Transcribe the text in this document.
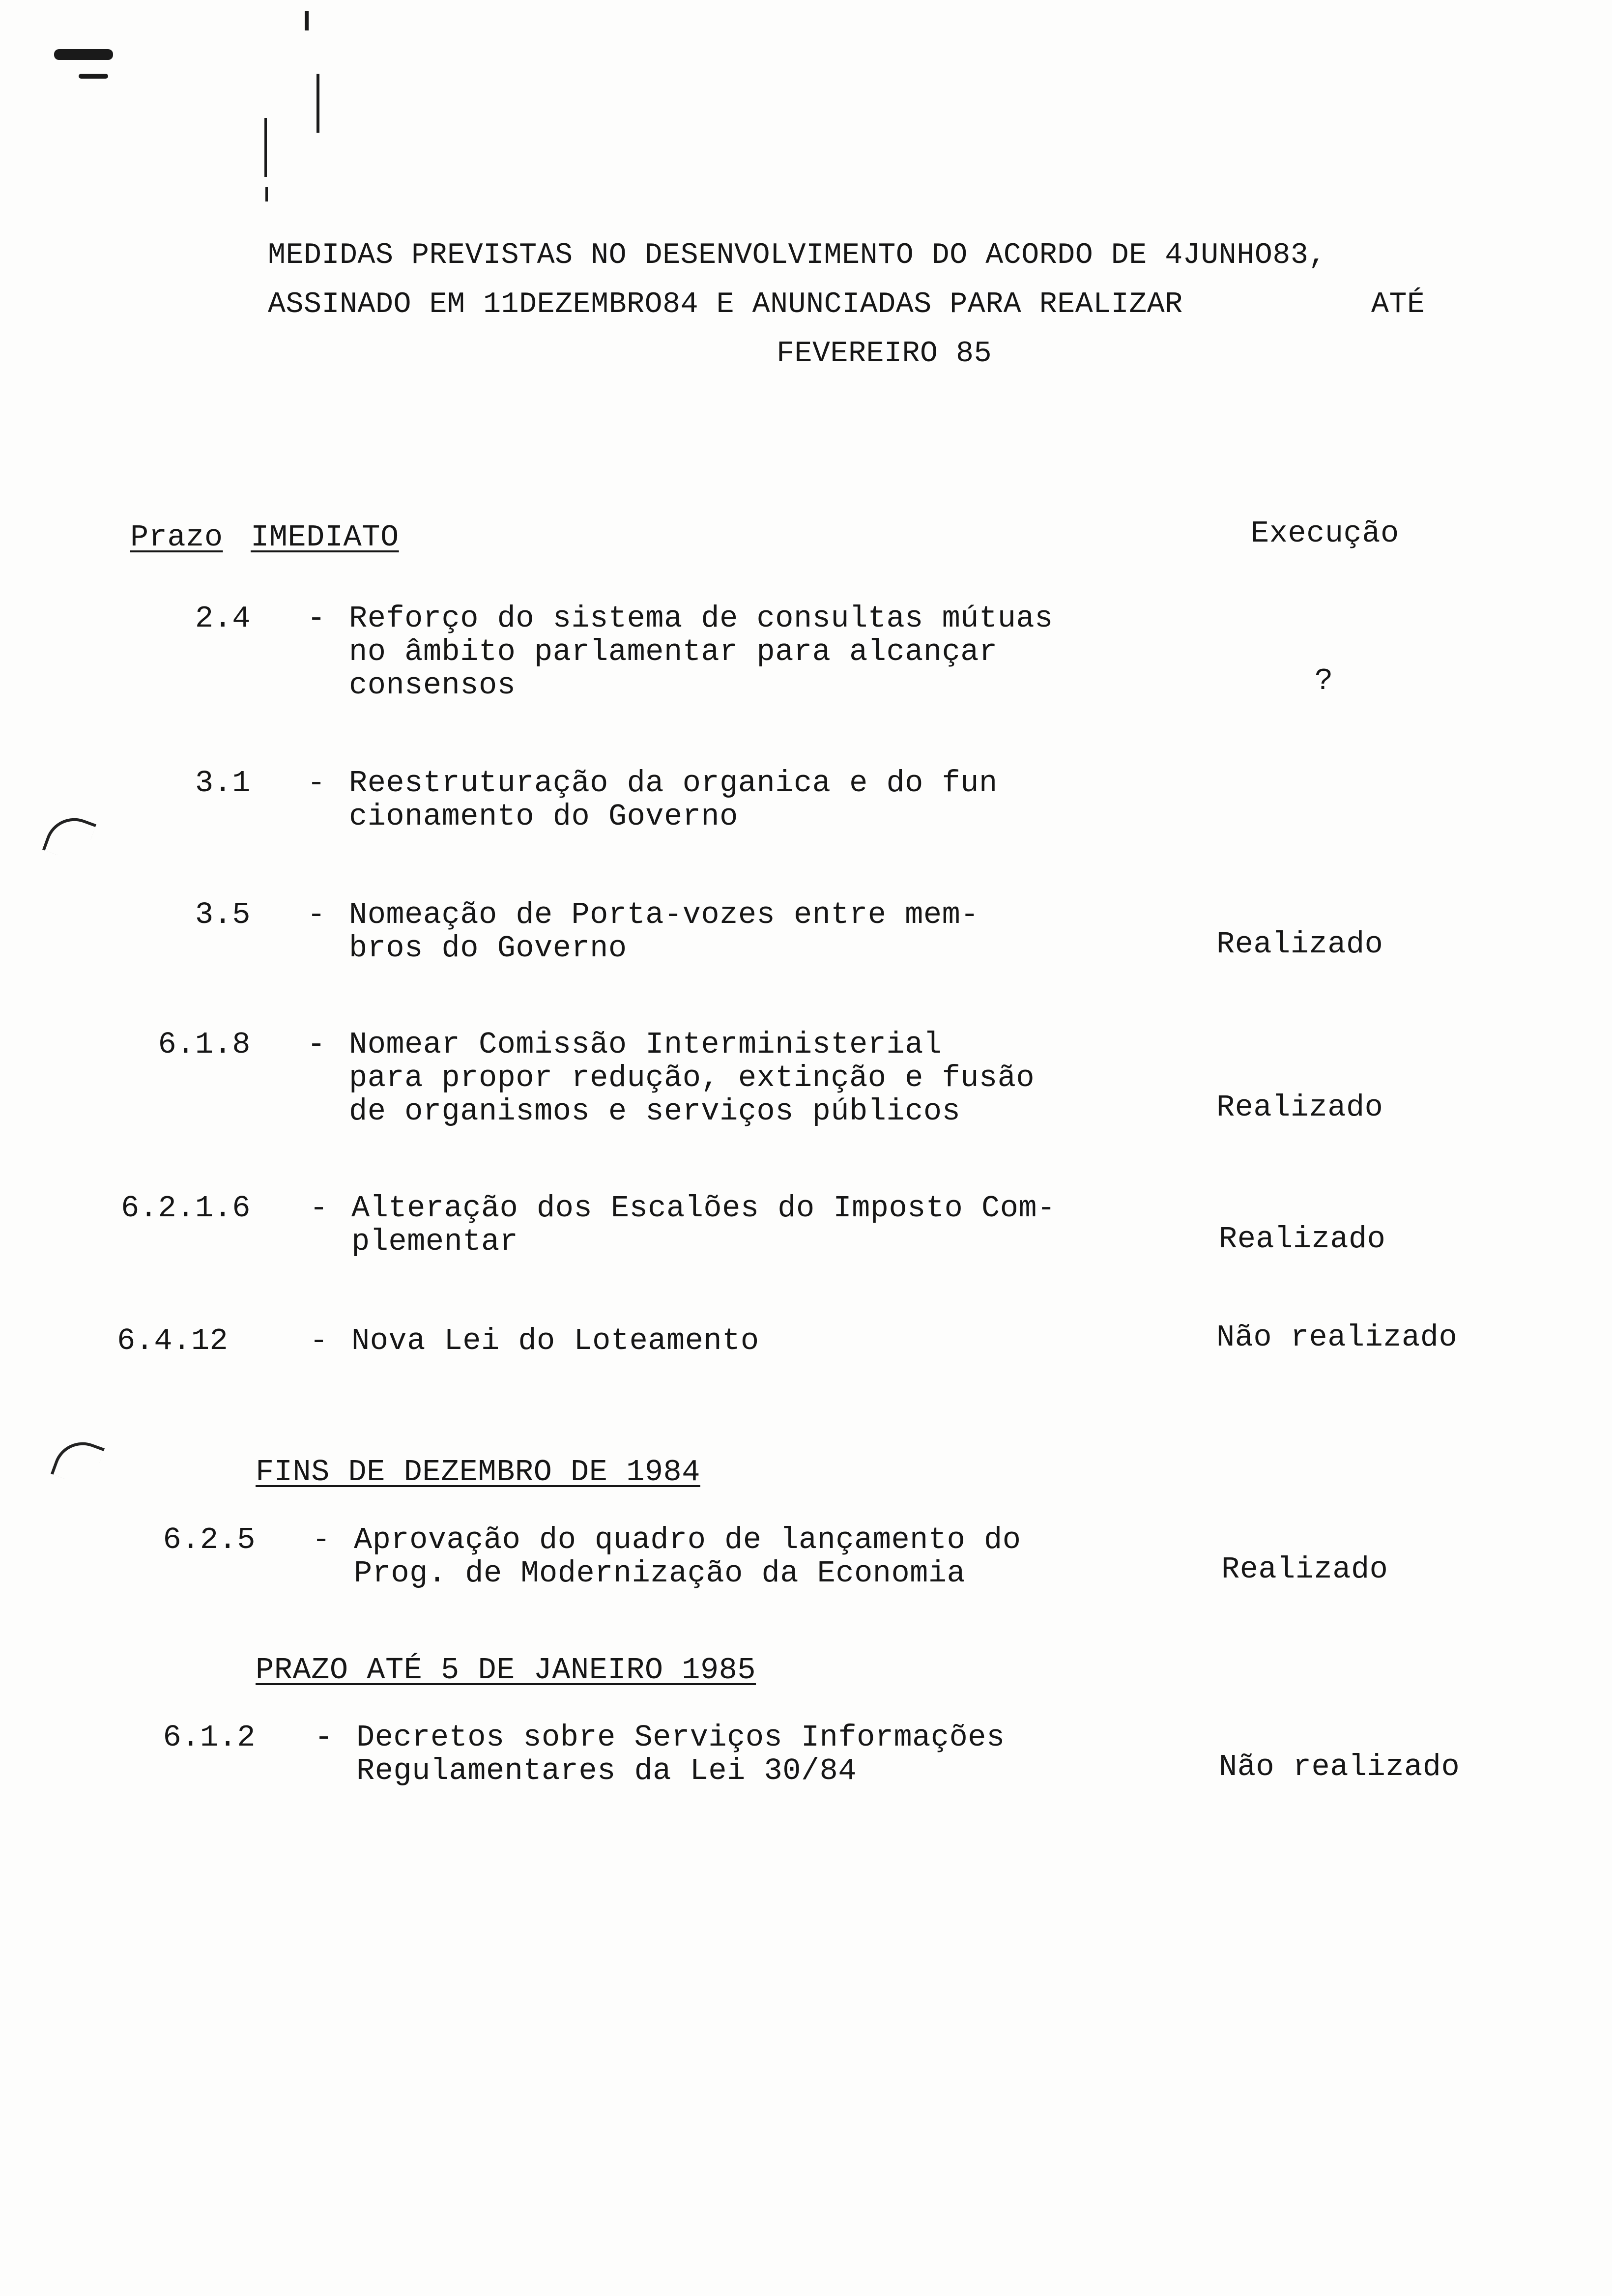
MEDIDAS PREVISTAS NO DESENVOLVIMENTO DO ACORDO DE 4JUNHO83,
ASSINADO EM 11DEZEMBRO84 E ANUNCIADAS PARA REALIZAR	ATÉ
FEVEREIRO 85
Prazo IMEDIATO	Execução
2.4 - Reforço do sistema de consultas mútuas
no âmbito parlamentar para alcançar
consensos	?
3.1 - Reestruturação da organica e do fun
cionamento do Governo
3.5 - Nomeação de Porta-vozes entre mem-
bros do Governo	Realizado
6.1.8 - Nomear Comissão Interministerial
para propor redução, extinção e fusão
de organismos e serviços públicos	Realizado
6.2.1.6 - Alteração dos Escalões do Imposto Com-
plementar	Realizado
6.4.12	- Nova Lei do Loteamento	Não realizado
FINS DE DEZEMBRO DE 1984
6.2.5 - Aprovação do quadro de lançamento do
Prog. de Modernização da Economia	Realizado
PRAZO ATÉ 5 DE JANEIRO 1985
6.1.2 - Decretos sobre Serviços Informações
Regulamentares da Lei 30/84	Não realizado
